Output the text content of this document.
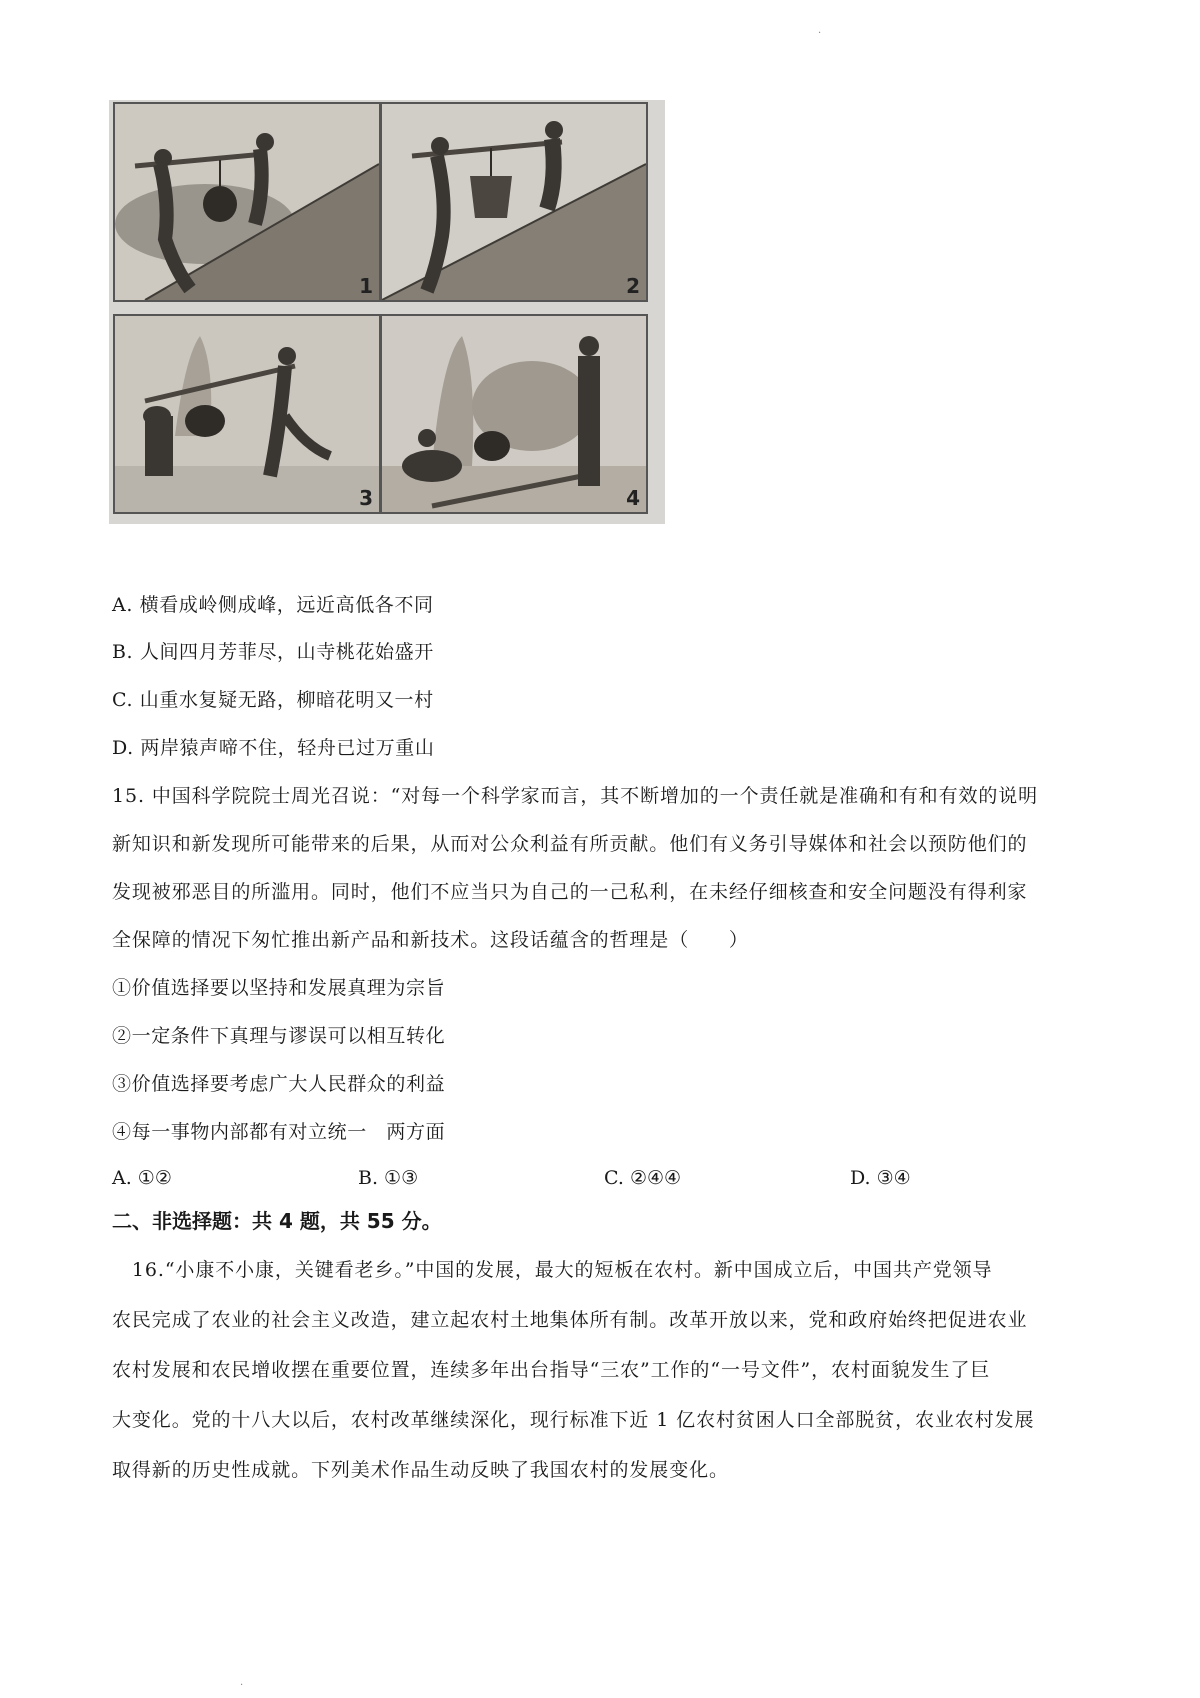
·
1	2
3	4
A. 横看成岭侧成峰，远近高低各不同
B. 人间四月芳菲尽，山寺桃花始盛开
C. 山重水复疑无路，柳暗花明又一村
D. 两岸猿声啼不住，轻舟已过万重山
15. 中国科学院院士周光召说：“对每一个科学家而言，其不断增加的一个责任就是准确和有和有效的说明
新知识和新发现所可能带来的后果，从而对公众利益有所贡献。他们有义务引导媒体和社会以预防他们的
发现被邪恶目的所滥用。同时，他们不应当只为自己的一己私利，在未经仔细核查和安全问题没有得利家
全保障的情况下匆忙推出新产品和新技术。这段话蕴含的哲理是（　　）
①价值选择要以坚持和发展真理为宗旨
②一定条件下真理与谬误可以相互转化
③价值选择要考虑广大人民群众的利益
④每一事物内部都有对立统一　两方面
A. ①②	B. ①③	C. ②④④	D. ③④
二、非选择题：共 4 题，共 55 分。
　16.“小康不小康，关键看老乡。”中国的发展，最大的短板在农村。新中国成立后，中国共产党领导
农民完成了农业的社会主义改造，建立起农村土地集体所有制。改革开放以来，党和政府始终把促进农业
农村发展和农民增收摆在重要位置，连续多年出台指导“三农”工作的“一号文件”，农村面貌发生了巨
大变化。党的十八大以后，农村改革继续深化，现行标准下近 1 亿农村贫困人口全部脱贫，农业农村发展
取得新的历史性成就。下列美术作品生动反映了我国农村的发展变化。
·
